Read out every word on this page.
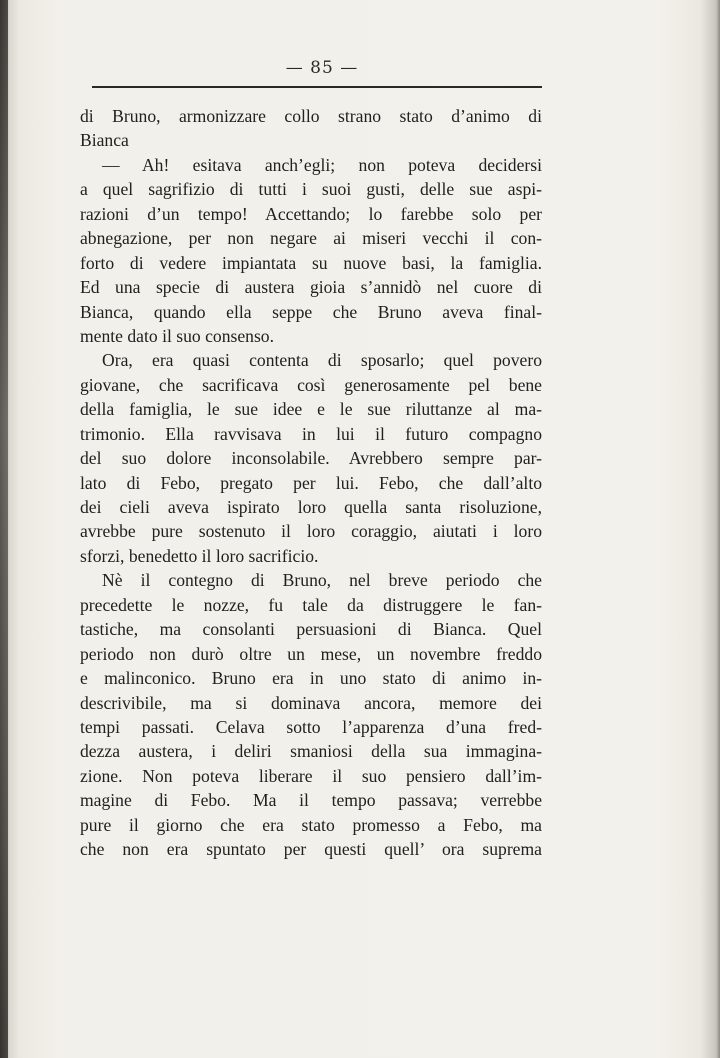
— 85 —
di Bruno, armonizzare collo strano stato d’animo di
Bianca
— Ah! esitava anch’egli; non poteva decidersi
a quel sagrifizio di tutti i suoi gusti, delle sue aspi-
razioni d’un tempo! Accettando; lo farebbe solo per
abnegazione, per non negare ai miseri vecchi il con-
forto di vedere impiantata su nuove basi, la famiglia.
Ed una specie di austera gioia s’annidò nel cuore di
Bianca, quando ella seppe che Bruno aveva final-
mente dato il suo consenso.
Ora, era quasi contenta di sposarlo; quel povero
giovane, che sacrificava così generosamente pel bene
della famiglia, le sue idee e le sue riluttanze al ma-
trimonio. Ella ravvisava in lui il futuro compagno
del suo dolore inconsolabile. Avrebbero sempre par-
lato di Febo, pregato per lui. Febo, che dall’alto
dei cieli aveva ispirato loro quella santa risoluzione,
avrebbe pure sostenuto il loro coraggio, aiutati i loro
sforzi, benedetto il loro sacrificio.
Nè il contegno di Bruno, nel breve periodo che
precedette le nozze, fu tale da distruggere le fan-
tastiche, ma consolanti persuasioni di Bianca. Quel
periodo non durò oltre un mese, un novembre freddo
e malinconico. Bruno era in uno stato di animo in-
descrivibile, ma si dominava ancora, memore dei
tempi passati. Celava sotto l’apparenza d’una fred-
dezza austera, i deliri smaniosi della sua immagina-
zione. Non poteva liberare il suo pensiero dall’im-
magine di Febo. Ma il tempo passava; verrebbe
pure il giorno che era stato promesso a Febo, ma
che non era spuntato per questi quell’ ora suprema
